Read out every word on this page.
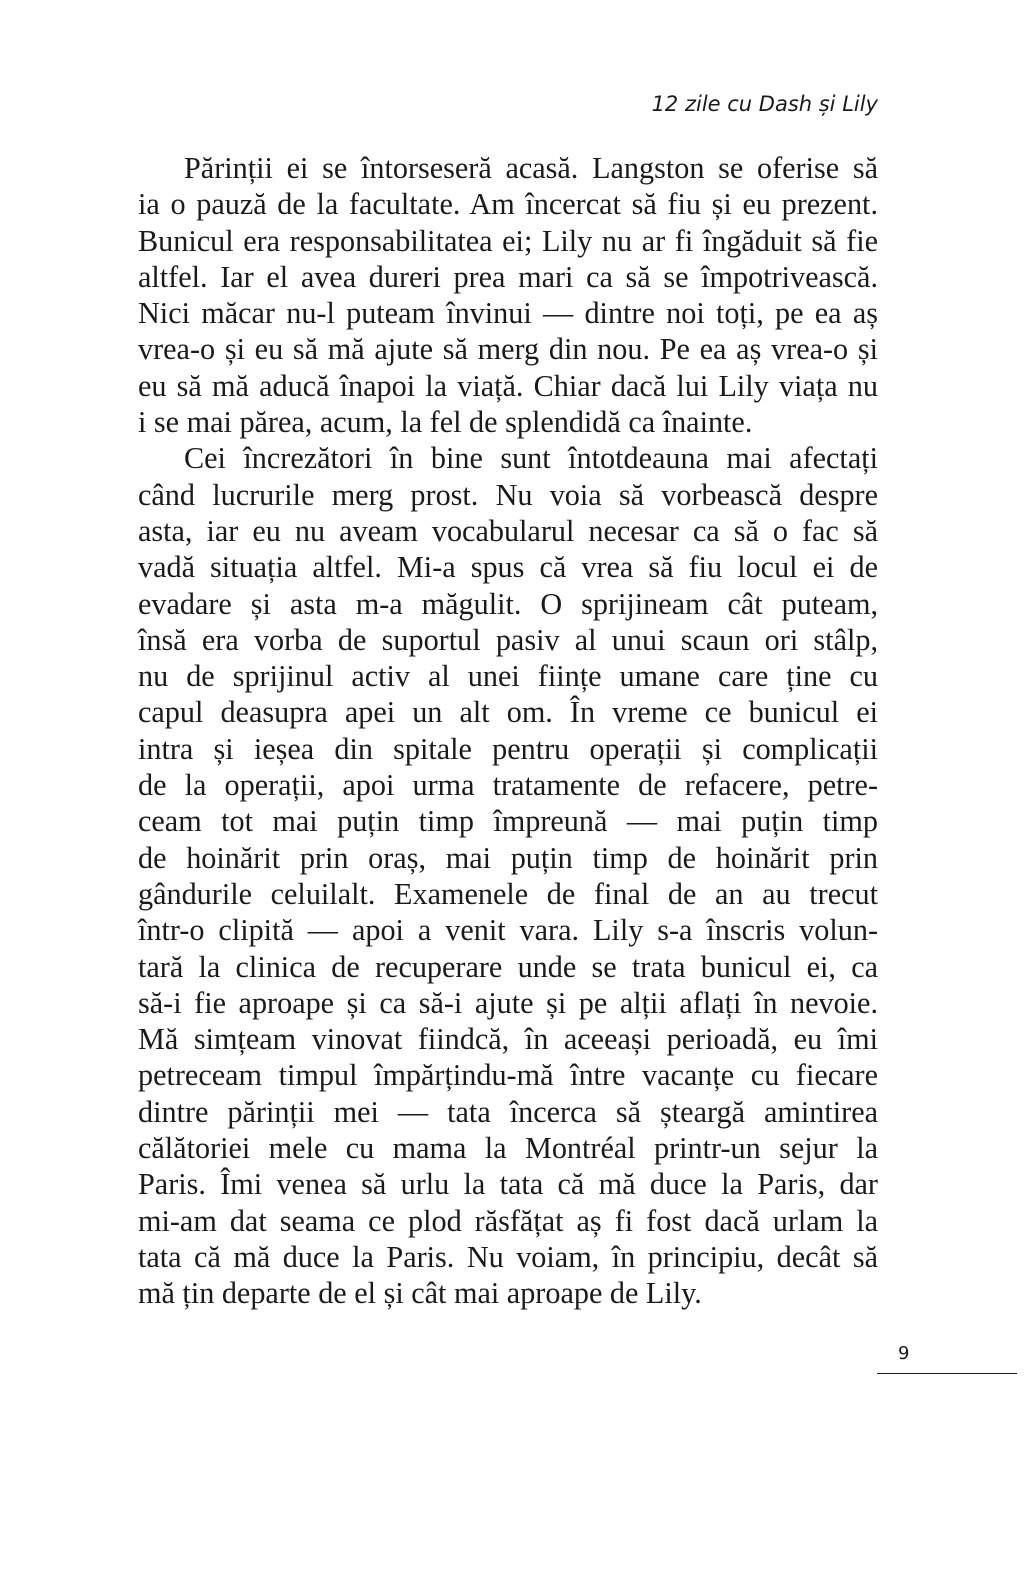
12 zile cu Dash și Lily
Părinții ei se întorseseră acasă. Langston se oferise să
ia o pauză de la facultate. Am încercat să fiu și eu prezent.
Bunicul era responsabilitatea ei; Lily nu ar fi îngăduit să fie
altfel. Iar el avea dureri prea mari ca să se împotrivească.
Nici măcar nu-l puteam învinui — dintre noi toți, pe ea aș
vrea-o și eu să mă ajute să merg din nou. Pe ea aș vrea-o și
eu să mă aducă înapoi la viață. Chiar dacă lui Lily viața nu
i se mai părea, acum, la fel de splendidă ca înainte.
Cei încrezători în bine sunt întotdeauna mai afectați
când lucrurile merg prost. Nu voia să vorbească despre
asta, iar eu nu aveam vocabularul necesar ca să o fac să
vadă situația altfel. Mi-a spus că vrea să fiu locul ei de
evadare și asta m-a măgulit. O sprijineam cât puteam,
însă era vorba de suportul pasiv al unui scaun ori stâlp,
nu de sprijinul activ al unei ființe umane care ține cu
capul deasupra apei un alt om. În vreme ce bunicul ei
intra și ieșea din spitale pentru operații și complicații
de la operații, apoi urma tratamente de refacere, petre-
ceam tot mai puțin timp împreună — mai puțin timp
de hoinărit prin oraș, mai puțin timp de hoinărit prin
gândurile celuilalt. Examenele de final de an au trecut
într-o clipită — apoi a venit vara. Lily s-a înscris volun-
tară la clinica de recuperare unde se trata bunicul ei, ca
să-i fie aproape și ca să-i ajute și pe alții aflați în nevoie.
Mă simțeam vinovat fiindcă, în aceeași perioadă, eu îmi
petreceam timpul împărțindu-mă între vacanțe cu fiecare
dintre părinții mei — tata încerca să șteargă amintirea
călătoriei mele cu mama la Montréal printr-un sejur la
Paris. Îmi venea să urlu la tata că mă duce la Paris, dar
mi-am dat seama ce plod răsfățat aș fi fost dacă urlam la
tata că mă duce la Paris. Nu voiam, în principiu, decât să
mă țin departe de el și cât mai aproape de Lily.
9
